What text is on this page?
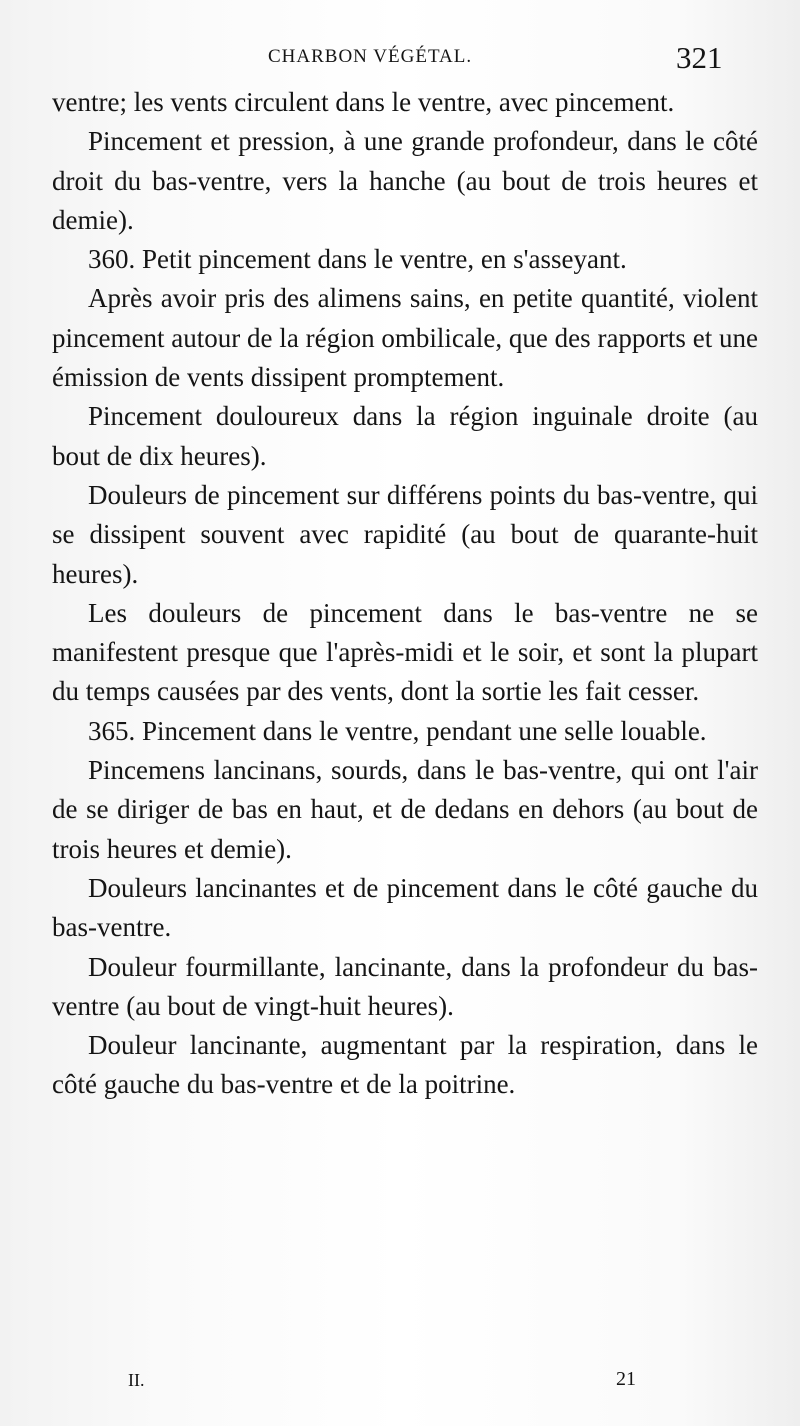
CHARBON VÉGÉTAL.	321

ventre; les vents circulent dans le ventre, avec pincement.

Pincement et pression, à une grande profondeur, dans le côté droit du bas-ventre, vers la hanche (au bout de trois heures et demie).

360. Petit pincement dans le ventre, en s'asseyant.

Après avoir pris des alimens sains, en petite quantité, violent pincement autour de la région ombilicale, que des rapports et une émission de vents dissipent promptement.

Pincement douloureux dans la région inguinale droite (au bout de dix heures).

Douleurs de pincement sur différens points du bas-ventre, qui se dissipent souvent avec rapidité (au bout de quarante-huit heures).

Les douleurs de pincement dans le bas-ventre ne se manifestent presque que l'après-midi et le soir, et sont la plupart du temps causées par des vents, dont la sortie les fait cesser.

365. Pincement dans le ventre, pendant une selle louable.

Pincemens lancinans, sourds, dans le bas-ventre, qui ont l'air de se diriger de bas en haut, et de dedans en dehors (au bout de trois heures et demie).

Douleurs lancinantes et de pincement dans le côté gauche du bas-ventre.

Douleur fourmillante, lancinante, dans la profondeur du bas-ventre (au bout de vingt-huit heures).

Douleur lancinante, augmentant par la respiration, dans le côté gauche du bas-ventre et de la poitrine.

II.	21
